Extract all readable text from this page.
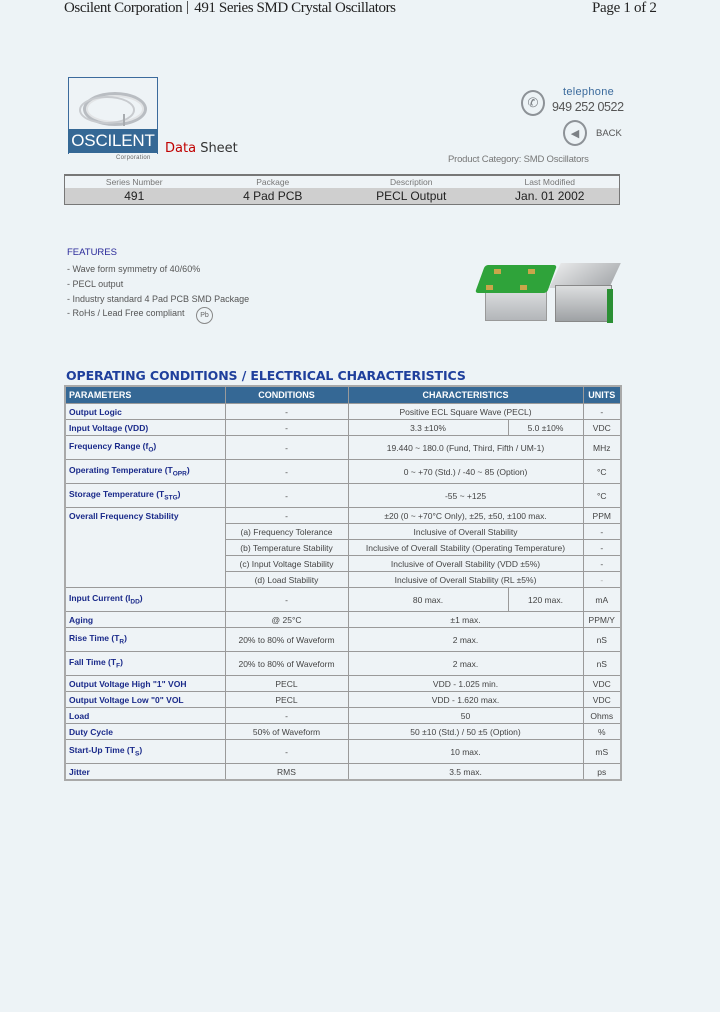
Oscilent Corporation 491 Series SMD Crystal Oscillators	Page 1 of 2
OSCILENT
Corporation
Data Sheet
✆
telephone
949 252 0522
◀	BACK
Product Category: SMD Oscillators
Series Number	Package	Description	Last Modified
491	4 Pad PCB	PECL Output	Jan. 01 2002
FEATURES
- Wave form symmetry of 40/60%
- PECL output
- Industry standard 4 Pad PCB SMD Package
- RoHs / Lead Free compliant	Pb
OPERATING CONDITIONS / ELECTRICAL CHARACTERISTICS
PARAMETERS	CONDITIONS	CHARACTERISTICS		UNITS
Output Logic	-	Positive ECL Square Wave (PECL)		-
Input Voltage (VDD)	-	3.3 ±10%	5.0 ±10%	VDC
Frequency Range $(f_O)$	-	19.440 ~ 180.0 (Fund, Third, Fifth / UM-1)		MHz
Operating Temperature $(T_{OPR})$	-	0 ~ +70 (Std.) / -40 ~ 85 (Option)		°C
Storage Temperature $(T_{STG})$	-	-55 ~ +125		°C
Overall Frequency Stability	-	±20 (0 ~ +70°C Only), ±25, ±50, ±100 max.		PPM
	(a) Frequency Tolerance	Inclusive of Overall Stability		-
	(b) Temperature Stability	Inclusive of Overall Stability (Operating Temperature)		-
	(c) Input Voltage Stability	Inclusive of Overall Stability (VDD ±5%)		-
	(d) Load Stability	Inclusive of Overall Stability (RL ±5%)		-
Input Current $(I_{DD})$	-	80 max.	120 max.	mA
Aging	@ 25°C	±1 max.		PPM/Y
Rise Time $(T_R)$	20% to 80% of Waveform	2 max.		nS
Fall Time $(T_F)$	20% to 80% of Waveform	2 max.		nS
Output Voltage High "1" VOH	PECL	VDD - 1.025 min.		VDC
Output Voltage Low "0" VOL	PECL	VDD - 1.620 max.		VDC
Load	-	50		Ohms
Duty Cycle	50% of Waveform	50 ±10 (Std.) / 50 ±5 (Option)		%
Start-Up Time $(T_S)$	-	10 max.		mS
Jitter	RMS	3.5 max.		ps
